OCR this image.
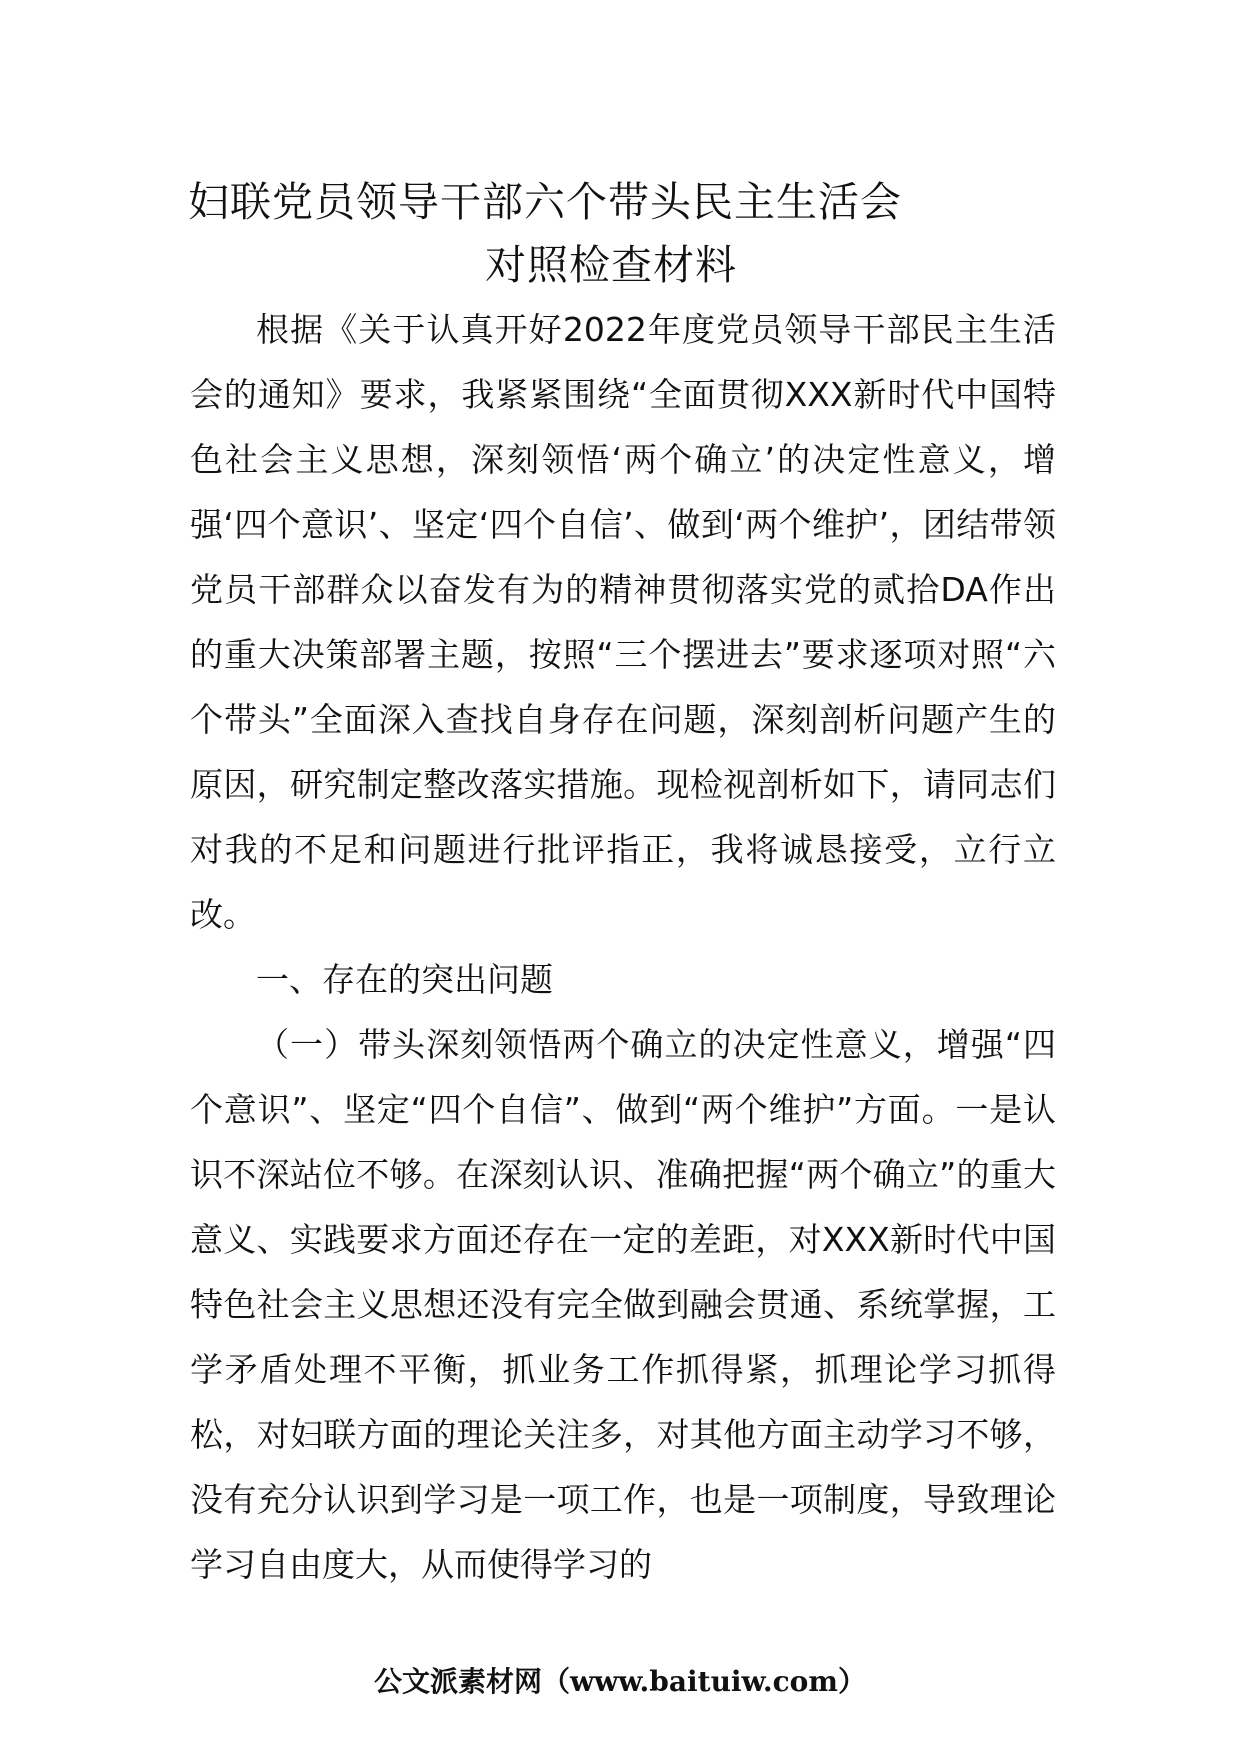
妇联党员领导干部六个带头民主生活会
对照检查材料

根据《关于认真开好2022年度党员领导干部民主生活会的通知》要求，我紧紧围绕“全面贯彻XXX新时代中国特色社会主义思想，深刻领悟‘两个确立’的决定性意义，增强‘四个意识’、坚定‘四个自信’、做到‘两个维护’，团结带领党员干部群众以奋发有为的精神贯彻落实党的贰拾DA作出的重大决策部署主题，按照“三个摆进去”要求逐项对照“六个带头”全面深入查找自身存在问题，深刻剖析问题产生的原因，研究制定整改落实措施。现检视剖析如下，请同志们对我的不足和问题进行批评指正，我将诚恳接受，立行立改。

一、存在的突出问题

（一）带头深刻领悟两个确立的决定性意义，增强“四个意识”、坚定“四个自信”、做到“两个维护”方面。一是认识不深站位不够。在深刻认识、准确把握“两个确立”的重大意义、实践要求方面还存在一定的差距，对XXX新时代中国特色社会主义思想还没有完全做到融会贯通、系统掌握，工学矛盾处理不平衡，抓业务工作抓得紧，抓理论学习抓得松，对妇联方面的理论关注多，对其他方面主动学习不够，没有充分认识到学习是一项工作，也是一项制度，导致理论学习自由度大，从而使得学习的

公文派素材网（www.baituiw.com）
